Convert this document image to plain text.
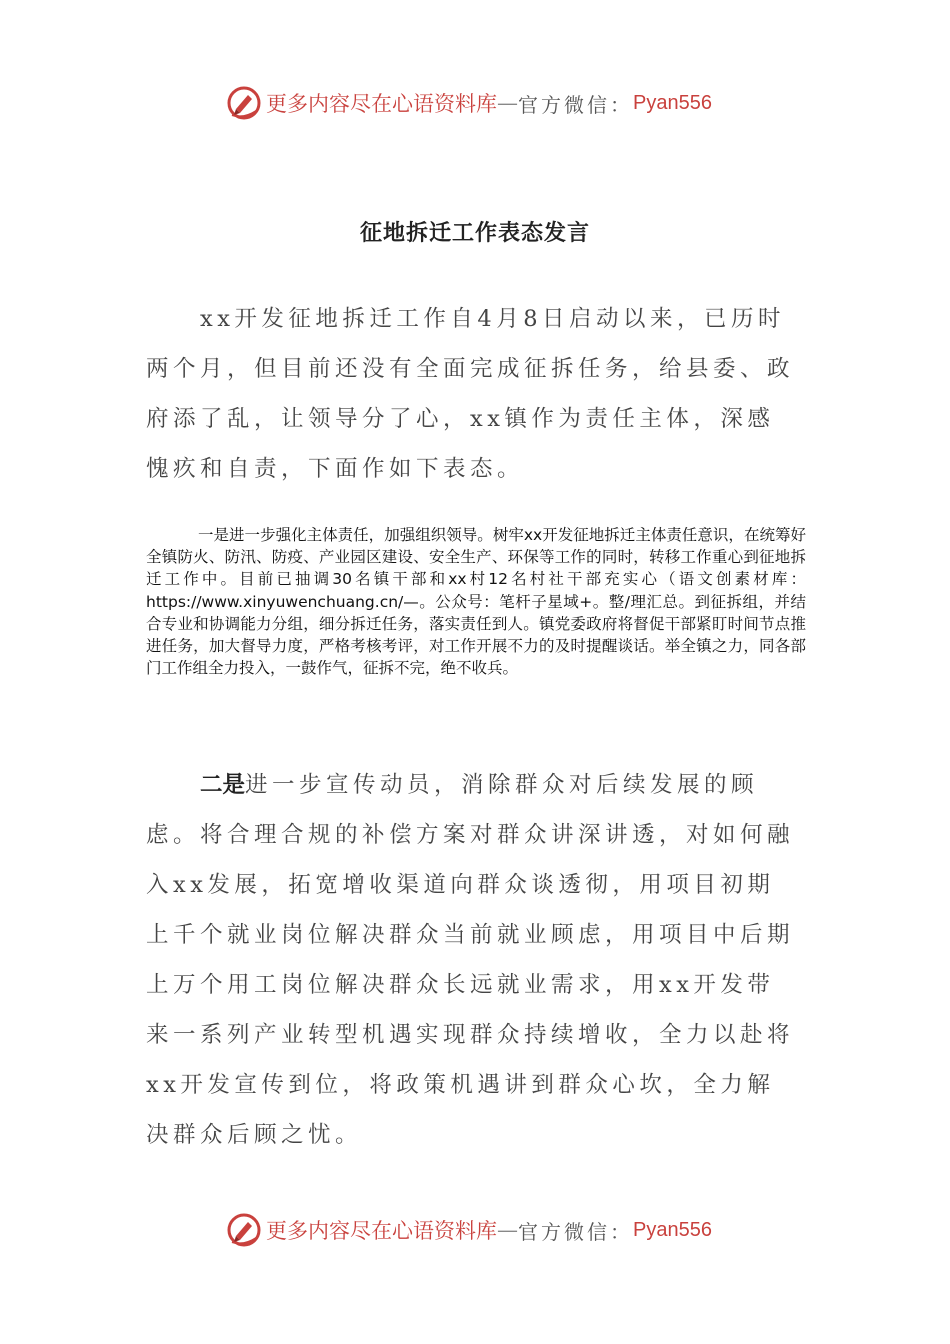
更多内容尽在心语资料库 — 官方微信： Pyan556
征地拆迁工作表态发言

xx开发征地拆迁工作自4月8日启动以来，已历时两个月，但目前还没有全面完成征拆任务，给县委、政府添了乱，让领导分了心，xx镇作为责任主体，深感愧疚和自责，下面作如下表态。

一是进一步强化主体责任，加强组织领导。树牢xx开发征地拆迁主体责任意识，在统筹好全镇防火、防汛、防疫、产业园区建设、安全生产、环保等工作的同时，转移工作重心到征地拆迁工作中。目前已抽调30名镇干部和xx村12名村社干部充实心（语文创素材库：https://www.xinyuwenchuang.cn/—。公众号：笔杆子星域+。整/理汇总。到征拆组，并结合专业和协调能力分组，细分拆迁任务，落实责任到人。镇党委政府将督促干部紧盯时间节点推进任务，加大督导力度，严格考核考评，对工作开展不力的及时提醒谈话。举全镇之力，同各部门工作组全力投入，一鼓作气，征拆不完，绝不收兵。

二是进一步宣传动员，消除群众对后续发展的顾虑。将合理合规的补偿方案对群众讲深讲透，对如何融入xx发展，拓宽增收渠道向群众谈透彻，用项目初期上千个就业岗位解决群众当前就业顾虑，用项目中后期上万个用工岗位解决群众长远就业需求，用xx开发带来一系列产业转型机遇实现群众持续增收，全力以赴将xx开发宣传到位，将政策机遇讲到群众心坎，全力解决群众后顾之忧。

更多内容尽在心语资料库 — 官方微信： Pyan556
